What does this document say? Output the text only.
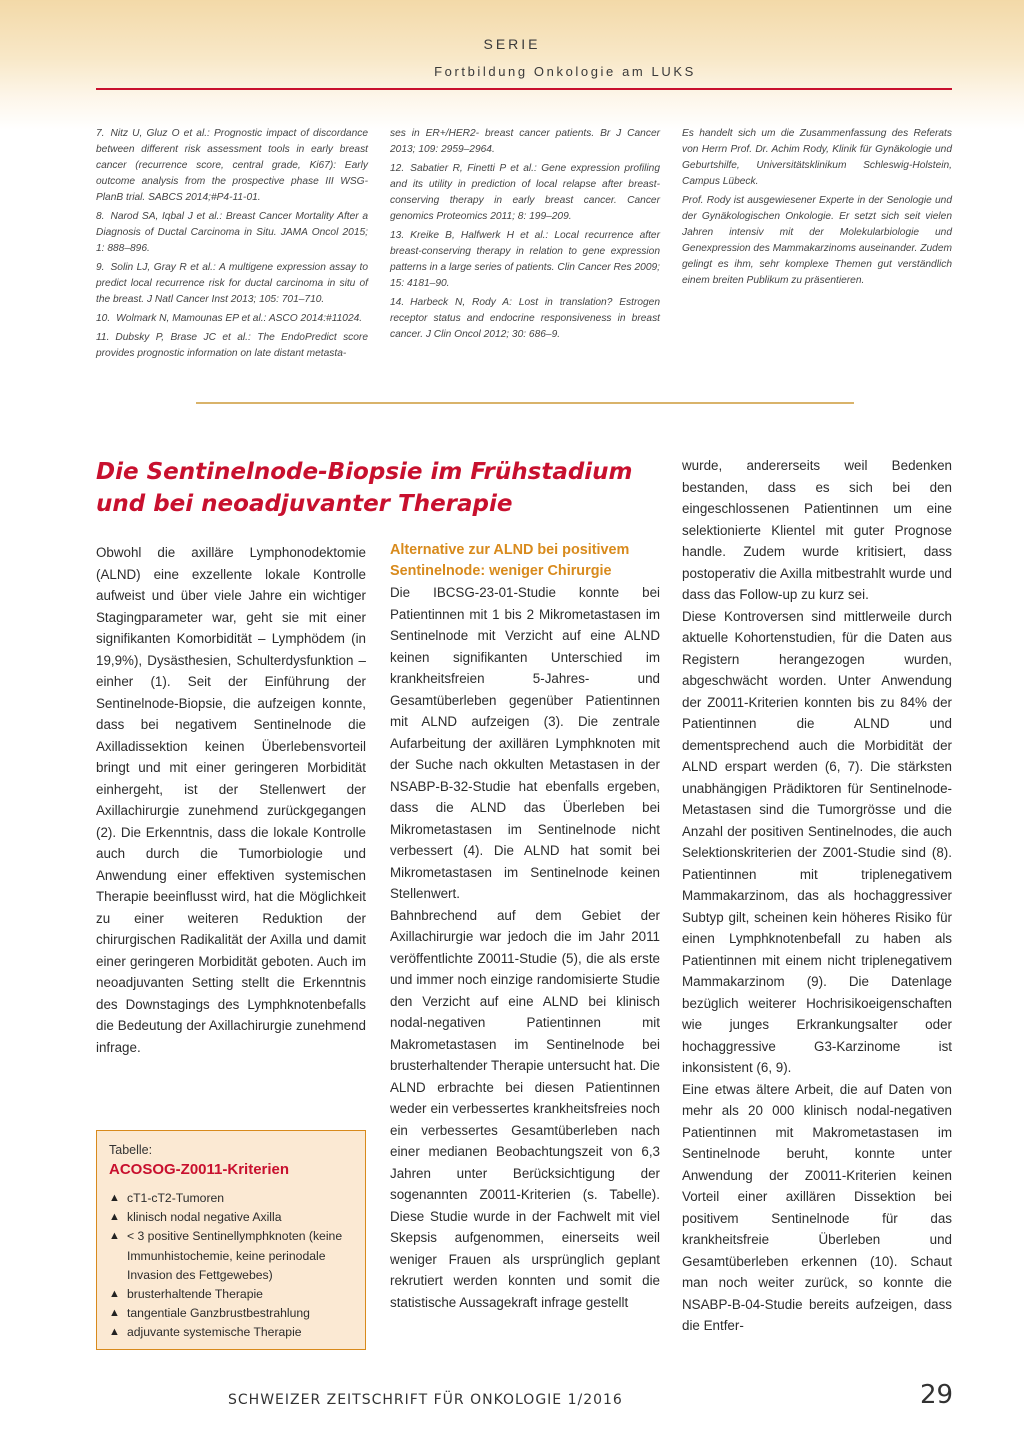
SERIE
Fortbildung Onkologie am LUKS

7. Nitz U, Gluz O et al.: Prognostic impact of discordance between different risk assessment tools in early breast cancer (recurrence score, central grade, Ki67): Early outcome analysis from the prospective phase III WSG-PlanB trial. SABCS 2014;#P4-11-01.

8. Narod SA, Iqbal J et al.: Breast Cancer Mortality After a Diagnosis of Ductal Carcinoma in Situ. JAMA Oncol 2015; 1: 888–896.

9. Solin LJ, Gray R et al.: A multigene expression assay to predict local recurrence risk for ductal carcinoma in situ of the breast. J Natl Cancer Inst 2013; 105: 701–710.

10. Wolmark N, Mamounas EP et al.: ASCO 2014:#11024.

11. Dubsky P, Brase JC et al.: The EndoPredict score provides prognostic information on late distant metasta-

ses in ER+/HER2- breast cancer patients. Br J Cancer 2013; 109: 2959–2964.

12. Sabatier R, Finetti P et al.: Gene expression profiling and its utility in prediction of local relapse after breast-conserving therapy in early breast cancer. Cancer genomics Proteomics 2011; 8: 199–209.

13. Kreike B, Halfwerk H et al.: Local recurrence after breast-conserving therapy in relation to gene expression patterns in a large series of patients. Clin Cancer Res 2009; 15: 4181–90.

14. Harbeck N, Rody A: Lost in translation? Estrogen receptor status and endocrine responsiveness in breast cancer. J Clin Oncol 2012; 30: 686–9.

Es handelt sich um die Zusammenfassung des Referats von Herrn Prof. Dr. Achim Rody, Klinik für Gynäkologie und Geburtshilfe, Universitätsklinikum Schleswig-Holstein, Campus Lübeck.

Prof. Rody ist ausgewiesener Experte in der Senologie und der Gynäkologischen Onkologie. Er setzt sich seit vielen Jahren intensiv mit der Molekularbiologie und Genexpression des Mammakarzinoms auseinander. Zudem gelingt es ihm, sehr komplexe Themen gut verständlich einem breiten Publikum zu präsentieren.

Die Sentinelnode-Biopsie im Frühstadium und bei neoadjuvanter Therapie

Obwohl die axilläre Lymphonodektomie (ALND) eine exzellente lokale Kontrolle aufweist und über viele Jahre ein wichtiger Stagingparameter war, geht sie mit einer signifikanten Komorbidität – Lymphödem (in 19,9%), Dysästhesien, Schulterdysfunktion – einher (1). Seit der Einführung der Sentinelnode-Biopsie, die aufzeigen konnte, dass bei negativem Sentinelnode die Axilladissektion keinen Überlebensvorteil bringt und mit einer geringeren Morbidität einhergeht, ist der Stellenwert der Axillachirurgie zunehmend zurückgegangen (2). Die Erkenntnis, dass die lokale Kontrolle auch durch die Tumorbiologie und Anwendung einer effektiven systemischen Therapie beeinflusst wird, hat die Möglichkeit zu einer weiteren Reduktion der chirurgischen Radikalität der Axilla und damit einer geringeren Morbidität geboten. Auch im neoadjuvanten Setting stellt die Erkenntnis des Downstagings des Lymphknotenbefalls die Bedeutung der Axillachirurgie zunehmend infrage.

Tabelle:
ACOSOG-Z0011-Kriterien
▲ cT1-cT2-Tumoren
▲ klinisch nodal negative Axilla
▲ < 3 positive Sentinellymphknoten (keine Immunhistochemie, keine perinodale Invasion des Fettgewebes)
▲ brusterhaltende Therapie
▲ tangentiale Ganzbrustbestrahlung
▲ adjuvante systemische Therapie
Alternative zur ALND bei positivem Sentinelnode: weniger Chirurgie

Die IBCSG-23-01-Studie konnte bei Patientinnen mit 1 bis 2 Mikrometastasen im Sentinelnode mit Verzicht auf eine ALND keinen signifikanten Unterschied im krankheitsfreien 5-Jahres- und Gesamtüberleben gegenüber Patientinnen mit ALND aufzeigen (3). Die zentrale Aufarbeitung der axillären Lymphknoten mit der Suche nach okkulten Metastasen in der NSABP-B-32-Studie hat ebenfalls ergeben, dass die ALND das Überleben bei Mikrometastasen im Sentinelnode nicht verbessert (4). Die ALND hat somit bei Mikrometastasen im Sentinelnode keinen Stellenwert.

Bahnbrechend auf dem Gebiet der Axillachirurgie war jedoch die im Jahr 2011 veröffentlichte Z0011-Studie (5), die als erste und immer noch einzige randomisierte Studie den Verzicht auf eine ALND bei klinisch nodal-negativen Patientinnen mit Makrometastasen im Sentinelnode bei brusterhaltender Therapie untersucht hat. Die ALND erbrachte bei diesen Patientinnen weder ein verbessertes krankheitsfreies noch ein verbessertes Gesamtüberleben nach einer medianen Beobachtungszeit von 6,3 Jahren unter Berücksichtigung der sogenannten Z0011-Kriterien (s. Tabelle). Diese Studie wurde in der Fachwelt mit viel Skepsis aufgenommen, einerseits weil weniger Frauen als ursprünglich geplant rekrutiert werden konnten und somit die statistische Aussagekraft infrage gestellt

wurde, andererseits weil Bedenken bestanden, dass es sich bei den eingeschlossenen Patientinnen um eine selektionierte Klientel mit guter Prognose handle. Zudem wurde kritisiert, dass postoperativ die Axilla mitbestrahlt wurde und dass das Follow-up zu kurz sei.

Diese Kontroversen sind mittlerweile durch aktuelle Kohortenstudien, für die Daten aus Registern herangezogen wurden, abgeschwächt worden. Unter Anwendung der Z0011-Kriterien konnten bis zu 84% der Patientinnen die ALND und dementsprechend auch die Morbidität der ALND erspart werden (6, 7). Die stärksten unabhängigen Prädiktoren für Sentinelnode-Metastasen sind die Tumorgrösse und die Anzahl der positiven Sentinelnodes, die auch Selektionskriterien der Z001-Studie sind (8). Patientinnen mit triplenegativem Mammakarzinom, das als hochaggressiver Subtyp gilt, scheinen kein höheres Risiko für einen Lymphknotenbefall zu haben als Patientinnen mit einem nicht triplenegativem Mammakarzinom (9). Die Datenlage bezüglich weiterer Hochrisikoeigenschaften wie junges Erkrankungsalter oder hochaggressive G3-Karzinome ist inkonsistent (6, 9).

Eine etwas ältere Arbeit, die auf Daten von mehr als 20 000 klinisch nodal-negativen Patientinnen mit Makrometastasen im Sentinelnode beruht, konnte unter Anwendung der Z0011-Kriterien keinen Vorteil einer axillären Dissektion bei positivem Sentinelnode für das krankheitsfreie Überleben und Gesamtüberleben erkennen (10). Schaut man noch weiter zurück, so konnte die NSABP-B-04-Studie bereits aufzeigen, dass die Entfer-

SCHWEIZER ZEITSCHRIFT FÜR ONKOLOGIE 1/2016	29
